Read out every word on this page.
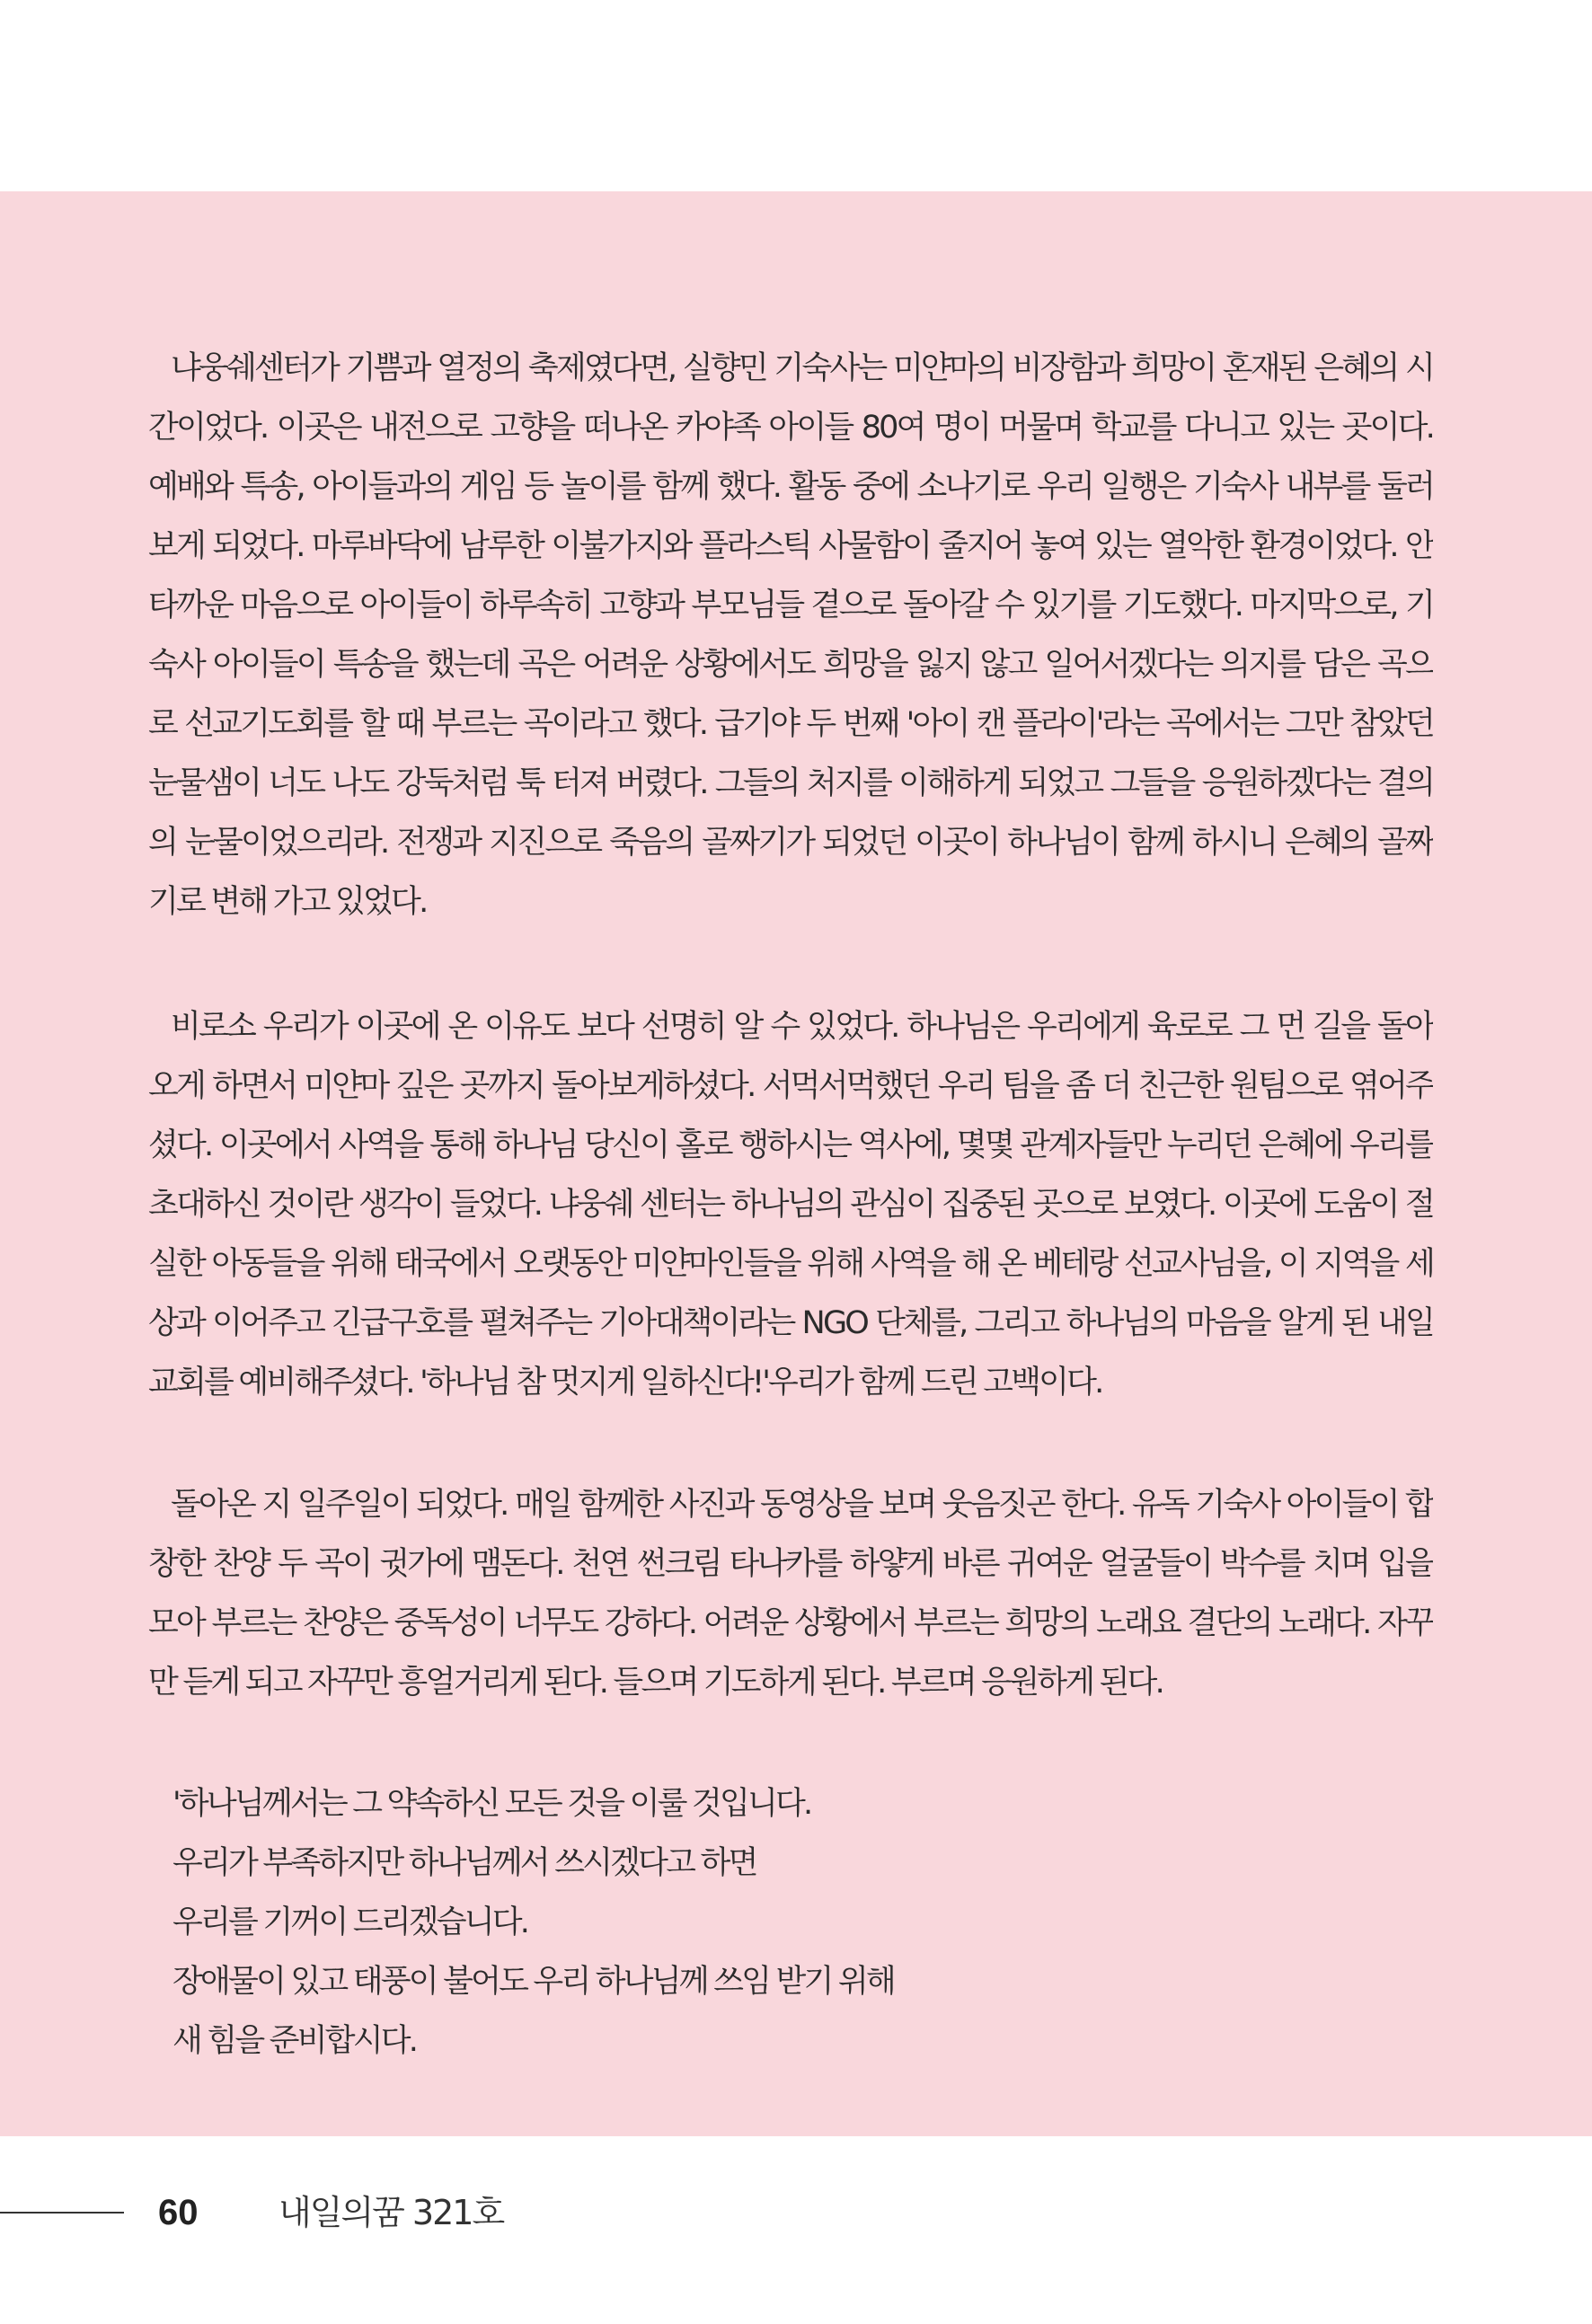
냐웅쉐센터가 기쁨과 열정의 축제였다면, 실향민 기숙사는 미얀마의 비장함과 희망이 혼재된 은혜의 시
간이었다. 이곳은 내전으로 고향을 떠나온 카야족 아이들 80여 명이 머물며 학교를 다니고 있는 곳이다.
예배와 특송, 아이들과의 게임 등 놀이를 함께 했다. 활동 중에 소나기로 우리 일행은 기숙사 내부를 둘러
보게 되었다. 마루바닥에 남루한 이불가지와 플라스틱 사물함이 줄지어 놓여 있는 열악한 환경이었다. 안
타까운 마음으로 아이들이 하루속히 고향과 부모님들 곁으로 돌아갈 수 있기를 기도했다. 마지막으로, 기
숙사 아이들이 특송을 했는데 곡은 어려운 상황에서도 희망을 잃지 않고 일어서겠다는 의지를 담은 곡으
로 선교기도회를 할 때 부르는 곡이라고 했다. 급기야 두 번째 '아이 캔 플라이'라는 곡에서는 그만 참았던
눈물샘이 너도 나도 강둑처럼 툭 터져 버렸다. 그들의 처지를 이해하게 되었고 그들을 응원하겠다는 결의
의 눈물이었으리라. 전쟁과 지진으로 죽음의 골짜기가 되었던 이곳이 하나님이 함께 하시니 은혜의 골짜
기로 변해 가고 있었다.
비로소 우리가 이곳에 온 이유도 보다 선명히 알 수 있었다. 하나님은 우리에게 육로로 그 먼 길을 돌아
오게 하면서 미얀마 깊은 곳까지 돌아보게하셨다. 서먹서먹했던 우리 팀을 좀 더 친근한 원팀으로 엮어주
셨다. 이곳에서 사역을 통해 하나님 당신이 홀로 행하시는 역사에, 몇몇 관계자들만 누리던 은혜에 우리를
초대하신 것이란 생각이 들었다. 냐웅쉐 센터는 하나님의 관심이 집중된 곳으로 보였다. 이곳에 도움이 절
실한 아동들을 위해 태국에서 오랫동안 미얀마인들을 위해 사역을 해 온 베테랑 선교사님을, 이 지역을 세
상과 이어주고 긴급구호를 펼쳐주는 기아대책이라는 NGO 단체를, 그리고 하나님의 마음을 알게 된 내일
교회를 예비해주셨다. '하나님 참 멋지게 일하신다!'우리가 함께 드린 고백이다.
돌아온 지 일주일이 되었다. 매일 함께한 사진과 동영상을 보며 웃음짓곤 한다. 유독 기숙사 아이들이 합
창한 찬양 두 곡이 귓가에 맴돈다. 천연 썬크림 타나카를 하얗게 바른 귀여운 얼굴들이 박수를 치며 입을
모아 부르는 찬양은 중독성이 너무도 강하다. 어려운 상황에서 부르는 희망의 노래요 결단의 노래다. 자꾸
만 듣게 되고 자꾸만 흥얼거리게 된다. 들으며 기도하게 된다. 부르며 응원하게 된다.
'하나님께서는 그 약속하신 모든 것을 이룰 것입니다.
우리가 부족하지만 하나님께서 쓰시겠다고 하면
우리를 기꺼이 드리겠습니다.
장애물이 있고 태풍이 불어도 우리 하나님께 쓰임 받기 위해
새 힘을 준비합시다.
60 내일의꿈 321호
